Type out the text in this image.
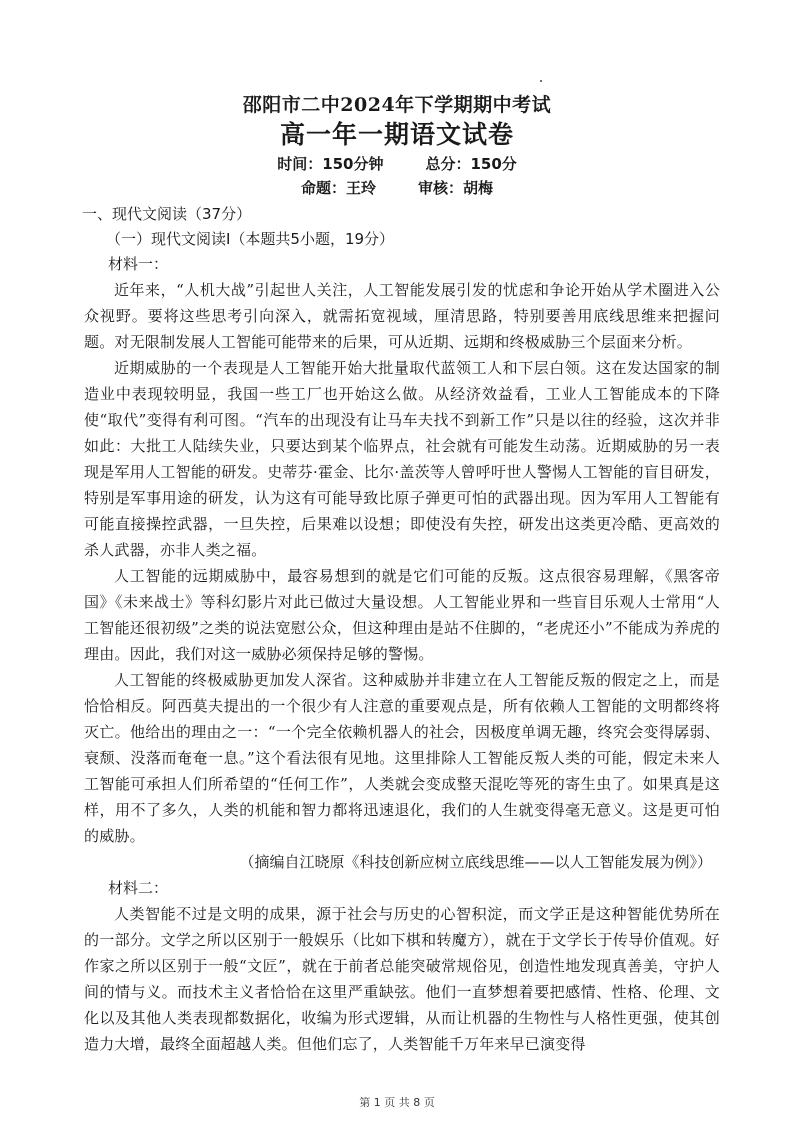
邵阳市二中2024年下学期期中考试
高一年一期语文试卷
时间：150分钟	总分：150分
命题：王玲	审核：胡梅
一、现代文阅读（37分）
（一）现代文阅读Ⅰ（本题共5小题，19分）
材料一：

近年来，“人机大战”引起世人关注，人工智能发展引发的忧虑和争论开始从学术圈进入公众视野。要将这些思考引向深入，就需拓宽视域，厘清思路，特别要善用底线思维来把握问题。对无限制发展人工智能可能带来的后果，可从近期、远期和终极威胁三个层面来分析。

近期威胁的一个表现是人工智能开始大批量取代蓝领工人和下层白领。这在发达国家的制造业中表现较明显，我国一些工厂也开始这么做。从经济效益看，工业人工智能成本的下降使“取代”变得有利可图。“汽车的出现没有让马车夫找不到新工作”只是以往的经验，这次并非如此：大批工人陆续失业，只要达到某个临界点，社会就有可能发生动荡。近期威胁的另一表现是军用人工智能的研发。史蒂芬·霍金、比尔·盖茨等人曾呼吁世人警惕人工智能的盲目研发，特别是军事用途的研发，认为这有可能导致比原子弹更可怕的武器出现。因为军用人工智能有可能直接操控武器，一旦失控，后果难以设想；即使没有失控，研发出这类更冷酷、更高效的杀人武器，亦非人类之福。

人工智能的远期威胁中，最容易想到的就是它们可能的反叛。这点很容易理解，《黑客帝国》《未来战士》等科幻影片对此已做过大量设想。人工智能业界和一些盲目乐观人士常用“人工智能还很初级”之类的说法宽慰公众，但这种理由是站不住脚的，“老虎还小”不能成为养虎的理由。因此，我们对这一威胁必须保持足够的警惕。

人工智能的终极威胁更加发人深省。这种威胁并非建立在人工智能反叛的假定之上，而是恰恰相反。阿西莫夫提出的一个很少有人注意的重要观点是，所有依赖人工智能的文明都终将灭亡。他给出的理由之一：“一个完全依赖机器人的社会，因极度单调无趣，终究会变得孱弱、衰颓、没落而奄奄一息。”这个看法很有见地。这里排除人工智能反叛人类的可能，假定未来人工智能可承担人们所希望的“任何工作”，人类就会变成整天混吃等死的寄生虫了。如果真是这样，用不了多久，人类的机能和智力都将迅速退化，我们的人生就变得毫无意义。这是更可怕的威胁。

（摘编自江晓原《科技创新应树立底线思维——以人工智能发展为例》）
材料二：

人类智能不过是文明的成果，源于社会与历史的心智积淀，而文学正是这种智能优势所在的一部分。文学之所以区别于一般娱乐（比如下棋和转魔方），就在于文学长于传导价值观。好作家之所以区别于一般“文匠”，就在于前者总能突破常规俗见，创造性地发现真善美，守护人间的情与义。而技术主义者恰恰在这里严重缺弦。他们一直梦想着要把感情、性格、伦理、文化以及其他人类表现都数据化，收编为形式逻辑，从而让机器的生物性与人格性更强，使其创造力大增，最终全面超越人类。但他们忘了，人类智能千万年来早已演变得

第 1 页 共 8 页
